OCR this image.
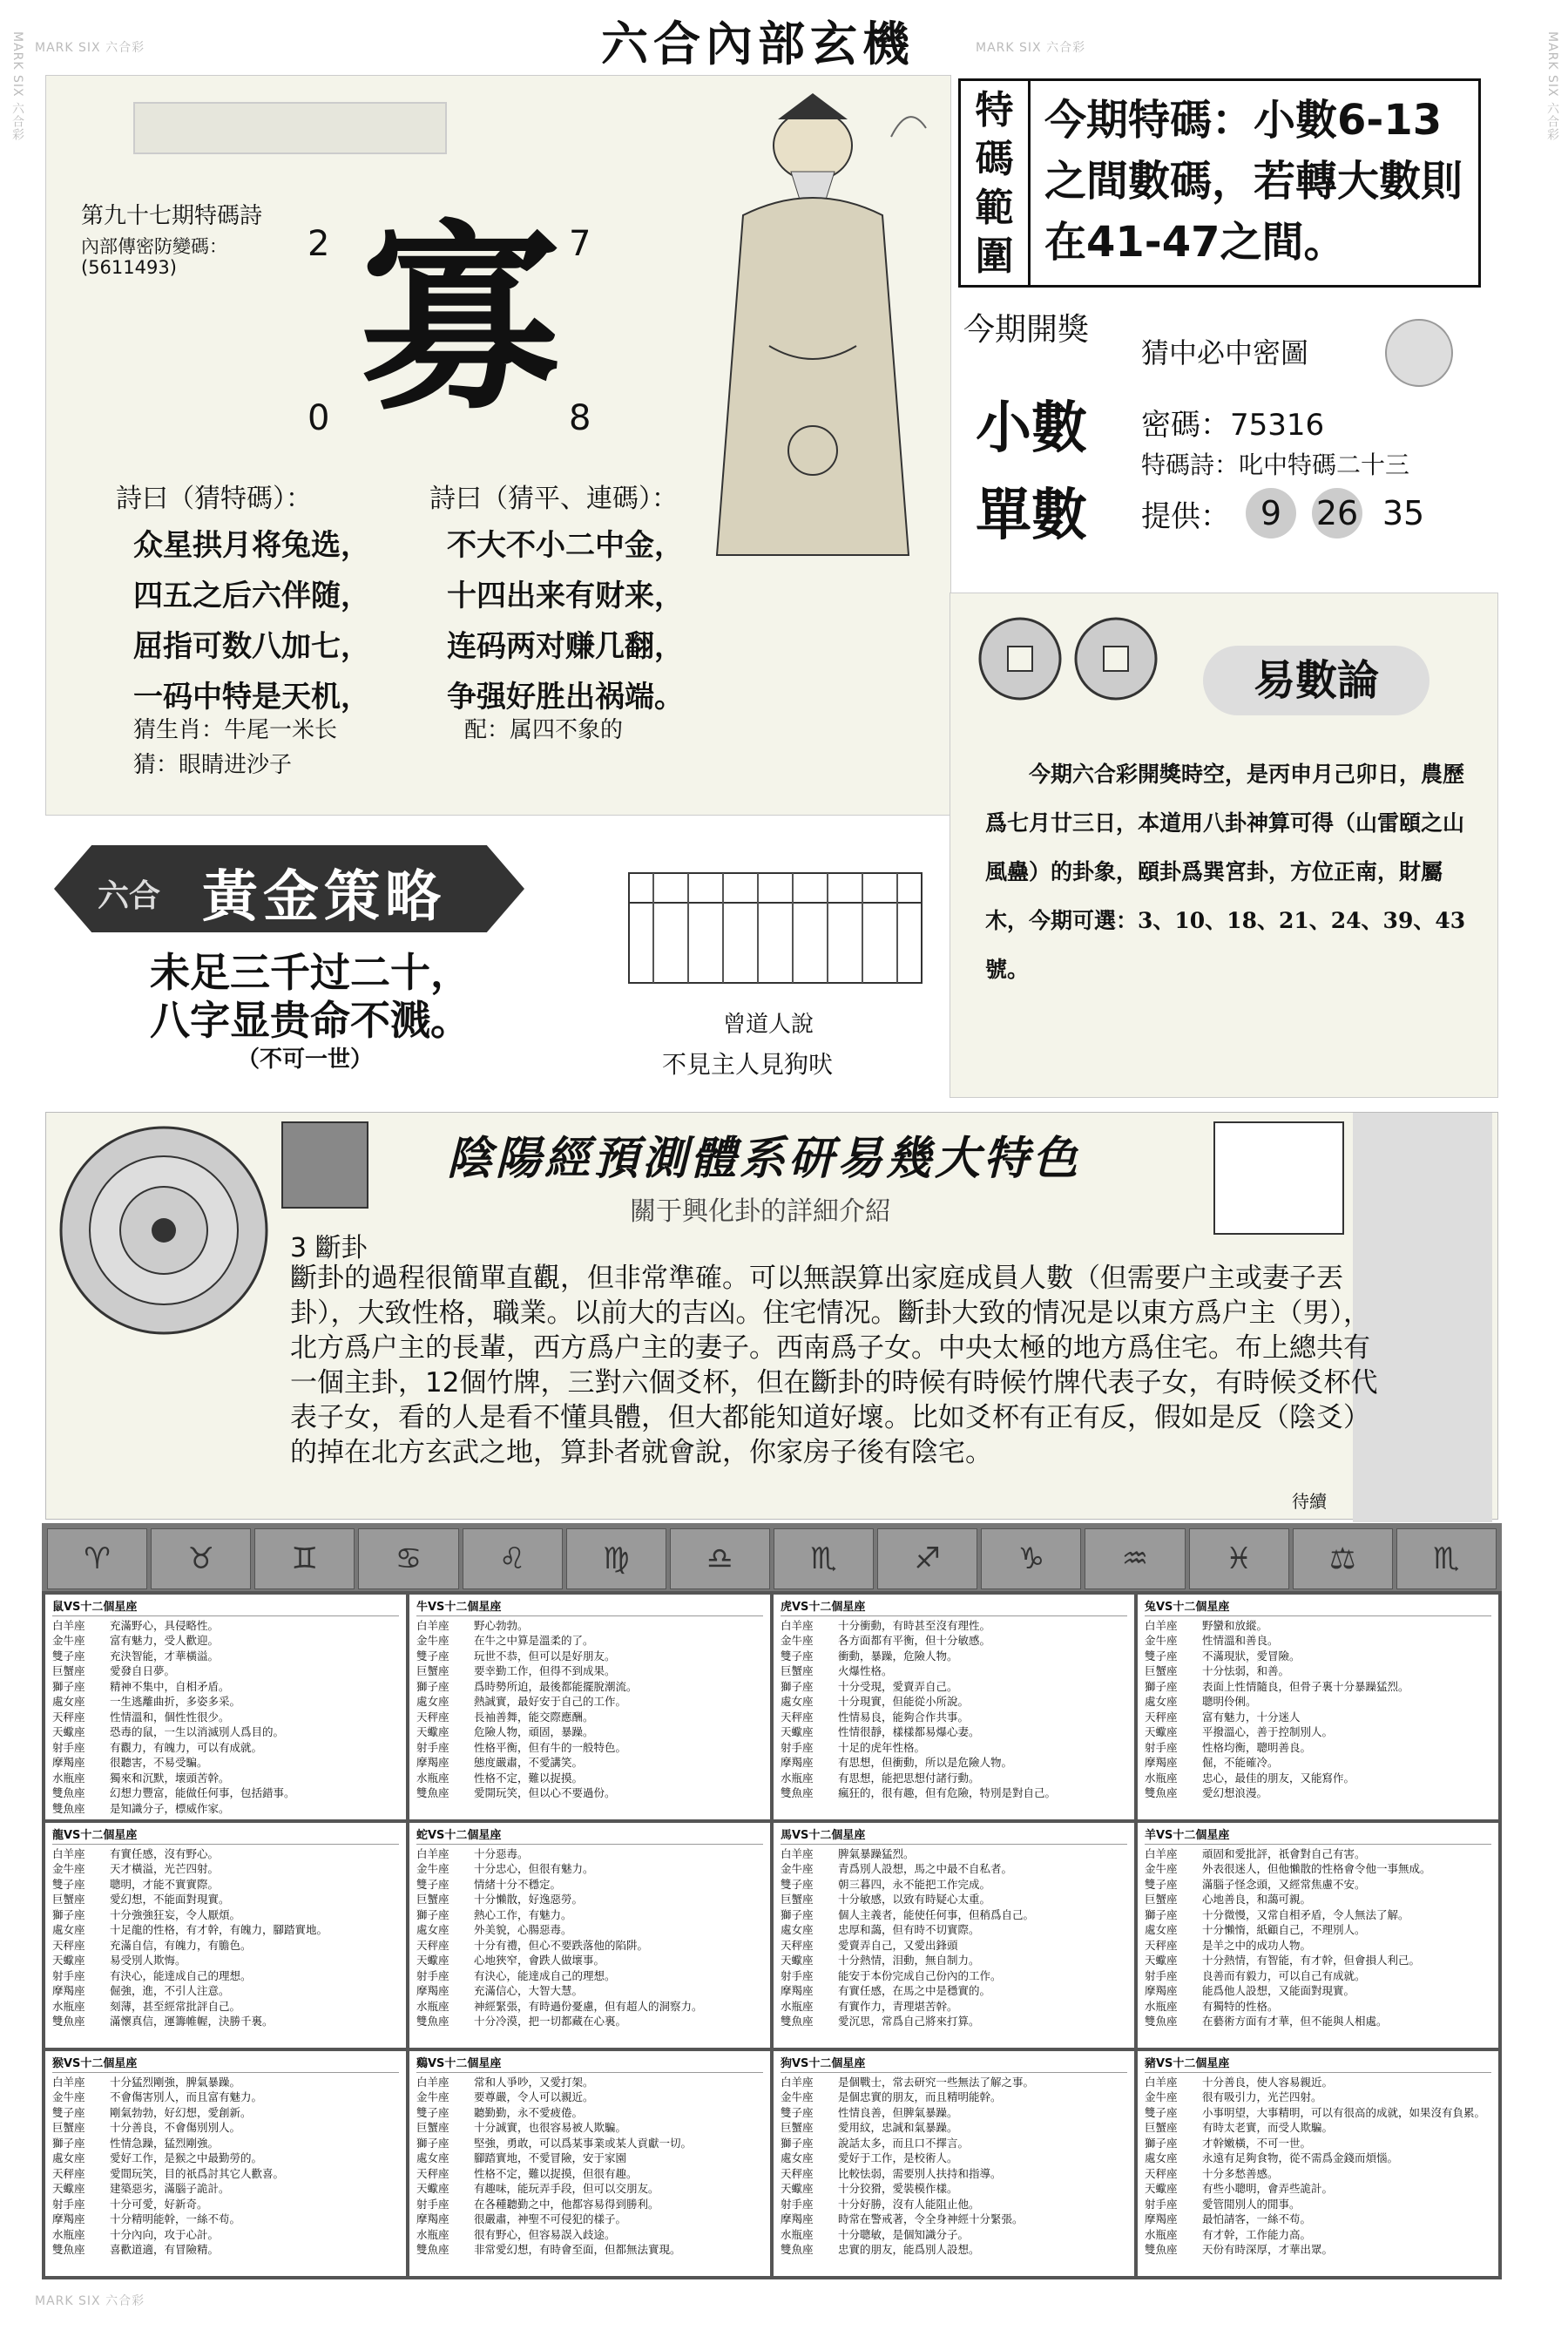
MARK SIX 六合彩	MARK SIX 六合彩
MARK SIX 六合彩	MARK SIX 六合彩
MARK SIX 六合彩
六合內部玄機
第九十七期特碼詩
內部傳密防變碼：
(5611493) 寡
2	7
0	8
詩曰（猜特碼）：	詩曰（猜平、連碼）：
众星拱月将兔选，
四五之后六伴随，
屈指可数八加七，
一码中特是天机，
不大不小二中金，
十四出来有财来，
连码两对赚几翻，
争强好胜出祸端。
猜生肖：牛尾一米长	配：属四不象的
猜：眼睛进沙子
特
碼
範
圍
今期特碼：小數6-13之間數碼，若轉大數則在41-47之間。
今期開獎
猜中必中密圖
小數
單數
密碼：75316
特碼詩：叱中特碼二十三
提供： 9	26 35
易數論
今期六合彩開獎時空，是丙申月己卯日，農歷爲七月廿三日，本道用八卦神算可得（山雷頤之山風蠱）的卦象，頤卦爲巽宮卦，方位正南，財屬木，今期可選：3、10、18、21、24、39、43號。
六合 黃金策略
未足三千过二十，
八字显贵命不溅。
（不可一世）
曾道人說
不見主人見狗吠
陰陽經預測體系研易幾大特色
關于興化卦的詳細介紹
3 斷卦
斷卦的過程很簡單直觀，但非常準確。可以無誤算出家庭成員人數（但需要户主或妻子丟卦），大致性格，職業。以前大的吉凶。住宅情况。斷卦大致的情况是以東方爲户主（男），北方爲户主的長輩，西方爲户主的妻子。西南爲子女。中央太極的地方爲住宅。布上總共有一個主卦，12個竹牌，三對六個爻杯，但在斷卦的時候有時候竹牌代表子女，有時候爻杯代表子女，看的人是看不懂具體，但大都能知道好壞。比如爻杯有正有反，假如是反（陰爻）的掉在北方玄武之地，算卦者就會說，你家房子後有陰宅。
待續
♈	♉	♊	♋	♌	♍	♎	♏	♐	♑	♒	♓	⚖	♏
鼠VS十二個星座
白羊座	充滿野心，具侵略性。
金牛座	富有魅力，受人歡迎。
雙子座	充決智能，才華橫溢。
巨蟹座	愛發自日夢。
獅子座	精神不集中，自相矛盾。
處女座	一生逃離曲折，多姿多采。
天秤座	性情溫和，個性性很少。
天蠍座	恐毒的鼠，一生以消滅別人爲目的。
射手座	有觀力，有魄力，可以有成就。
摩羯座	很聽害，不易受騙。
水瓶座	獨來和沉默，壞頭苦幹。
雙魚座	幻想力豐富，能做任何事，包括錯事。
雙魚座	是知識分子，標威作家。
牛VS十二個星座
白羊座	野心勃勃。
金牛座	在牛之中算是溫柔的了。
雙子座	玩世不恭，但可以是好朋友。
巨蟹座	要幸勤工作，但得不到成果。
獅子座	爲時勢所迫，最後都能擺脫潮流。
處女座	熱誠實，最好安于自己的工作。
天秤座	長袖善舞，能交際應酬。
天蠍座	危險人物，頑固，暴躁。
射手座	性格平衡，但有牛的一般特色。
摩羯座	態度嚴肅，不愛講笑。
水瓶座	性格不定，難以捉摸。
雙魚座	愛開玩笑，但以心不要過份。
虎VS十二個星座
白羊座	十分衝動，有時甚至沒有理性。
金牛座	各方面都有平衡，但十分敏感。
雙子座	衝動，暴躁，危險人物。
巨蟹座	火爆性格。
獅子座	十分受現，愛賣弄自己。
處女座	十分現實，但能從小所說。
天秤座	性情易良，能夠合作共事。
天蠍座	性情很靜，樣樣都易爆心妻。
射手座	十足的虎年性格。
摩羯座	有思想，但衝動，所以是危險人物。
水瓶座	有思想，能把思想付諸行動。
雙魚座	瘋狂的，很有趣，但有危險，特別是對自己。
兔VS十二個星座
白羊座	野蠻和放縱。
金牛座	性情溫和善良。
雙子座	不滿現狀，愛冒險。
巨蟹座	十分怯弱，和善。
獅子座	表面上性情隨良，但骨子裏十分暴躁猛烈。
處女座	聰明伶俐。
天秤座	富有魅力，十分迷人
天蠍座	平撥溫心，善于控制別人。
射手座	性格均衡，聰明善良。
摩羯座	倔，不能確冷。
水瓶座	忠心，最佳的朋友，又能寫作。
雙魚座	愛幻想浪漫。
龍VS十二個星座
白羊座	有實任感，沒有野心。
金牛座	天才橫溢，光芒四射。
雙子座	聰明，才能不實實際。
巨蟹座	愛幻想，不能面對現實。
獅子座	十分強強狂妄，令人厭煩。
處女座	十足龍的性格，有才幹，有魄力，腳踏實地。
天秤座	充滿自信，有魄力，有膽色。
天蠍座	易受別人欺悔。
射手座	有決心，能達成自己的理想。
摩羯座	倔強，進，不引人注意。
水瓶座	刻薄，甚至經常批評自己。
雙魚座	滿懷真信，運籌帷幄，決勝千裏。
蛇VS十二個星座
白羊座	十分惡毒。
金牛座	十分忠心，但很有魅力。
雙子座	情緒十分不穩定。
巨蟹座	十分懶散，好逸惡勞。
獅子座	熱心工作，有魅力。
處女座	外美貌，心腸惡毒。
天秤座	十分有禮，但心不要跌落他的陷阱。
天蠍座	心地狹窄，會跌人做壞事。
射手座	有決心，能達成自己的理想。
摩羯座	充滿信心，大智大慧。
水瓶座	神經緊張，有時過份憂慮，但有超人的洞察力。
雙魚座	十分冷漠，把一切都藏在心裏。
馬VS十二個星座
白羊座	脾氣暴躁猛烈。
金牛座	青爲別人設想，馬之中最不自私者。
雙子座	朝三暮四，永不能把工作完成。
巨蟹座	十分敏感，以致有時疑心太重。
獅子座	個人主義者，能使任何事，但稍爲自己。
處女座	忠厚和藹，但有時不切實際。
天秤座	愛賣弄自己，又愛出鋒頭
天蠍座	十分熱情，泪動，無自制力。
射手座	能安于本份完成自己份內的工作。
摩羯座	有實任感，在馬之中是穩實的。
水瓶座	有實作力，青理堪苦幹。
雙魚座	愛沉思，常爲自己將來打算。
羊VS十二個星座
白羊座	頑固和愛批評，祇會對自己有害。
金牛座	外表很迷人，但他懶散的性格會令他一事無成。
雙子座	滿腦子怪念頭，又經常焦慮不安。
巨蟹座	心地善良，和藹可親。
獅子座	十分微慢，又常自相矛盾，令人無法了解。
處女座	十分懶惰，紙顧自己，不理別人。
天秤座	是羊之中的成功人物。
天蠍座	十分熱情，有智能，有才幹，但會損人利己。
射手座	良善而有毅力，可以自己有成就。
摩羯座	能爲他人設想，又能面對現實。
水瓶座	有獨特的性格。
雙魚座	在藝術方面有才華，但不能與人相處。
猴VS十二個星座
白羊座	十分猛烈剛強，脾氣暴躁。
金牛座	不會傷害別人，而且富有魅力。
雙子座	剛氣勃勃，好幻想，愛創新。
巨蟹座	十分善良，不會傷別別人。
獅子座	性情急躁，猛烈剛強。
處女座	愛好工作，是猴之中最勤勞的。
天秤座	愛間玩笑，目的祇爲討其它人歡喜。
天蠍座	建築惡劣，滿腦子詭計。
射手座	十分可愛，好新奇。
摩羯座	十分精明能幹，一絲不苟。
水瓶座	十分內向，攻于心計。
雙魚座	喜歡道適，有冒險精。
鷄VS十二個星座
白羊座	常和人爭吵，又愛打架。
金牛座	要尊嚴，令人可以親近。
雙子座	聽勤勤，永不愛疲倦。
巨蟹座	十分誠實，也很容易被人欺騙。
獅子座	堅強，勇敢，可以爲某事業或某人貢獻一切。
處女座	腳踏實地，不愛冒險，安于家園
天秤座	性格不定，難以捉摸，但很有趣。
天蠍座	有趣味，能玩弄手段，但可以交朋友。
射手座	在各種聽勤之中，他都容易得到勝利。
摩羯座	很嚴肅，神聖不可侵犯的樣子。
水瓶座	很有野心，但容易誤入歧途。
雙魚座	非常愛幻想，有時會至面，但都無法實現。
狗VS十二個星座
白羊座	是個戰士，常去研究一些無法了解之事。
金牛座	是個忠實的朋友，而且精明能幹。
雙子座	性情良善，但脾氣暴躁。
巨蟹座	愛用紋，忠誠和氣暴躁。
獅子座	說話太多，而且口不擇言。
處女座	愛好于工作，是校術人。
天秤座	比較怯弱，需要別人扶持和指導。
天蠍座	十分狡猾，愛裝模作樣。
射手座	十分好勝，沒有人能阻止他。
摩羯座	時常在警戒著，令全身神經十分緊張。
水瓶座	十分聰敏，是個知識分子。
雙魚座	忠實的朋友，能爲別人設想。
豬VS十二個星座
白羊座	十分善良，使人容易親近。
金牛座	很有吸引力，光芒四射。
雙子座	小事明望，大事精明，可以有很高的成就，如果沒有負累。
巨蟹座	有時太老實，而受人欺騙。
獅子座	才幹嫩橫，不可一世。
處女座	永遠有足夠食物，從不需爲金錢而煩惱。
天秤座	十分多愁善感。
天蠍座	有些小聰明，會弄些詭計。
射手座	愛管閒別人的閒事。
摩羯座	最怕請客，一絲不苟。
水瓶座	有才幹，工作能力高。
雙魚座	天份有時深厚，才華出眾。
